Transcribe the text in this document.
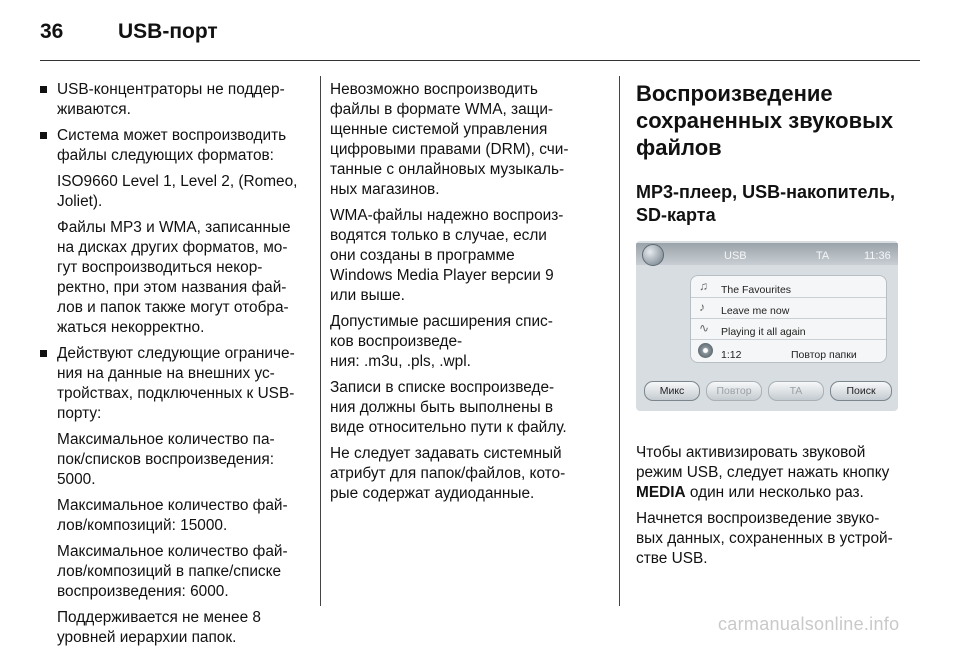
36	USB-порт
USB-концентраторы не поддер-
живаются.
Система может воспроизводить
файлы следующих форматов:
ISO9660 Level 1, Level 2, (Romeo,
Joliet).
Файлы MP3 и WMA, записанные
на дисках других форматов, мо-
гут воспроизводиться некор-
ректно, при этом названия фай-
лов и папок также могут отобра-
жаться некорректно.
Действуют следующие ограниче-
ния на данные на внешних ус-
тройствах, подключенных к USB-
порту:
Максимальное количество па-
пок/списков воспроизведения:
5000.
Максимальное количество фай-
лов/композиций: 15000.
Максимальное количество фай-
лов/композиций в папке/списке
воспроизведения: 6000.
Поддерживается не менее 8
уровней иерархии папок.

Невозможно воспроизводить
файлы в формате WMA, защи-
щенные системой управления
цифровыми правами (DRM), счи-
танные с онлайновых музыкаль-
ных магазинов.

WMA-файлы надежно воспроиз-
водятся только в случае, если
они созданы в программе
Windows Media Player версии 9
или выше.

Допустимые расширения спис-
ков воспроизведе-
ния: .m3u, .pls, .wpl.

Записи в списке воспроизведе-
ния должны быть выполнены в
виде относительно пути к файлу.

Не следует задавать системный
атрибут для папок/файлов, кото-
рые содержат аудиоданные.

Воспроизведение
сохраненных звуковых
файлов
МР3-плеер, USB-накопитель,
SD-карта
USB	TA	11:36
♫ The Favourites
♪	Leave me now
∿ Playing it all again
1:12	Повтор папки
Микс	Повтор	TA	Поиск

Чтобы активизировать звуковой
режим USB, следует нажать кнопку
MEDIA один или несколько раз.

Начнется воспроизведение звуко-
вых данных, сохраненных в устрой-
стве USB.

carmanualsonline.info
